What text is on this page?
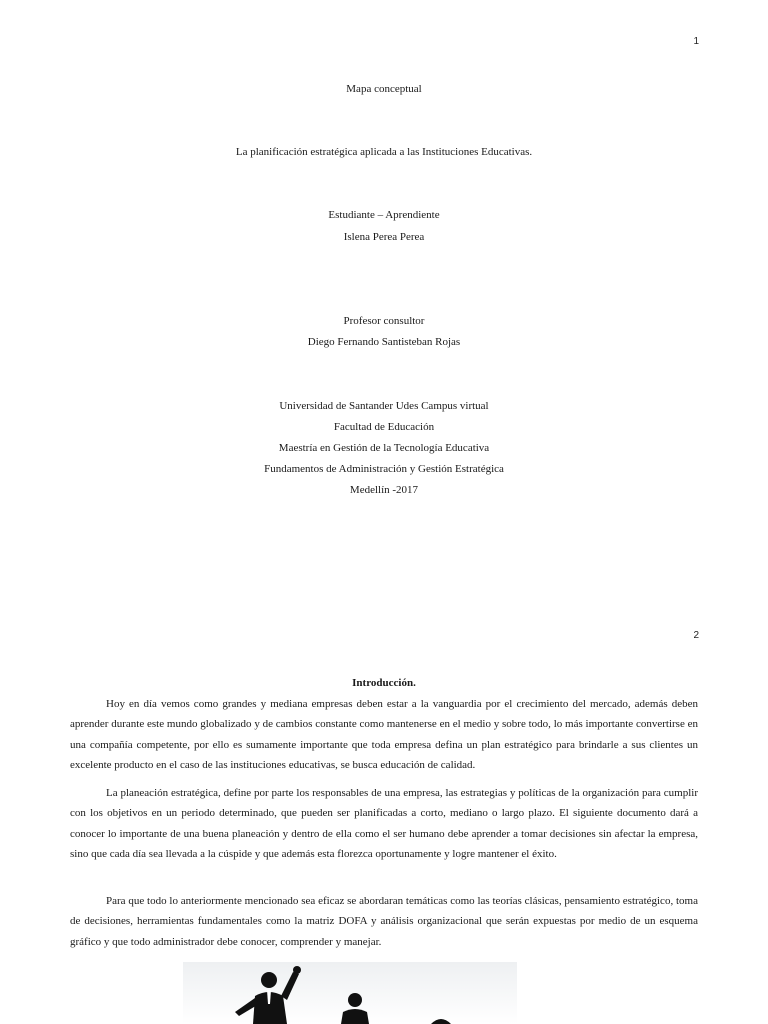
1
Mapa conceptual
La planificación estratégica aplicada a las Instituciones Educativas.
Estudiante – Aprendiente
Islena Perea Perea
Profesor consultor
Diego Fernando Santisteban Rojas
Universidad de Santander Udes Campus virtual
Facultad de Educación
Maestría en Gestión de la Tecnología Educativa
Fundamentos de Administración y Gestión Estratégica
Medellín -2017
2
Introducción.
Hoy en día vemos como grandes y mediana empresas deben estar a la vanguardia por el crecimiento del mercado, además deben aprender durante este mundo globalizado y de cambios constante como mantenerse en el medio y sobre todo, lo más importante convertirse en una compañía competente, por ello es sumamente importante que toda empresa defina un plan estratégico para brindarle a sus clientes un excelente producto en el caso de las instituciones educativas, se busca educación de calidad.
La planeación estratégica, define por parte los responsables de una empresa, las estrategias y políticas de la organización para cumplir con los objetivos en un periodo determinado, que pueden ser planificadas a corto, mediano o largo plazo. El siguiente documento dará a conocer lo importante de una buena planeación y dentro de ella como el ser humano debe aprender a tomar decisiones sin afectar la empresa, sino que cada día sea llevada a la cúspide y que además esta florezca oportunamente y logre mantener el éxito.
Para que todo lo anteriormente mencionado sea eficaz se abordaran temáticas como las teorías clásicas, pensamiento estratégico, toma de decisiones, herramientas fundamentales como la matriz DOFA y análisis organizacional que serán expuestas por medio de un esquema gráfico y que todo administrador debe conocer, comprender y manejar.
